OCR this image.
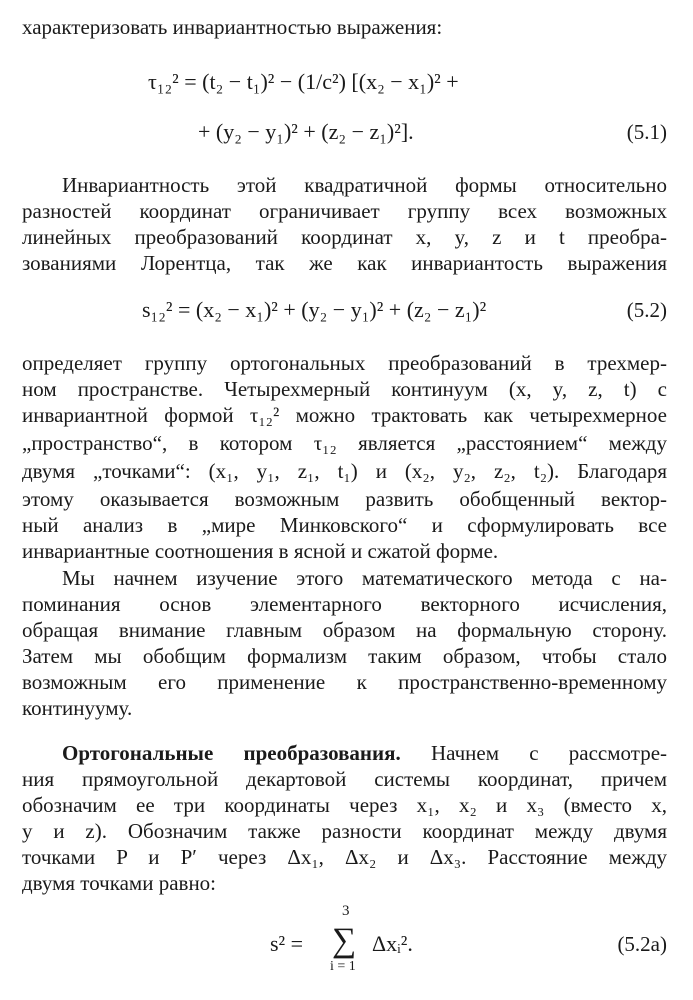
характеризовать инвариантностью выражения:
τ₁₂² = (t₂ − t₁)² − (1/c²) [(x₂ − x₁)² +
+ (y₂ − y₁)² + (z₂ − z₁)²].	(5.1)
Инвариантность этой квадратичной формы относительно
разностей координат ограничивает группу всех возможных
линейных преобразований координат x, y, z и t преобра-
зованиями Лорентца, так же как инвариантость выражения
s₁₂² = (x₂ − x₁)² + (y₂ − y₁)² + (z₂ − z₁)²	(5.2)
определяет группу ортогональных преобразований в трехмер-
ном пространстве. Четырехмерный континуум (x, y, z, t) с
инвариантной формой τ₁₂² можно трактовать как четырехмерное
„пространство“, в котором τ₁₂ является „расстоянием“ между
двумя „точками“: (x₁, y₁, z₁, t₁) и (x₂, y₂, z₂, t₂). Благодаря
этому оказывается возможным развить обобщенный вектор-
ный анализ в „мире Минковского“ и сформулировать все
инвариантные соотношения в ясной и сжатой форме.
Мы начнем изучение этого математического метода с на-
поминания основ элементарного векторного исчисления,
обращая внимание главным образом на формальную сторону.
Затем мы обобщим формализм таким образом, чтобы стало
возможным его применение к пространственно-временному
континууму.
Ортогональные преобразования. Начнем с рассмотре-
ния прямоугольной декартовой системы координат, причем
обозначим ее три координаты через x₁, x₂ и x₃ (вместо x,
y и z). Обозначим также разности координат между двумя
точками P и P′ через Δx₁, Δx₂ и Δx₃. Расстояние между
двумя точками равно:
s² =
3
∑
i = 1
Δxᵢ².	(5.2a)
